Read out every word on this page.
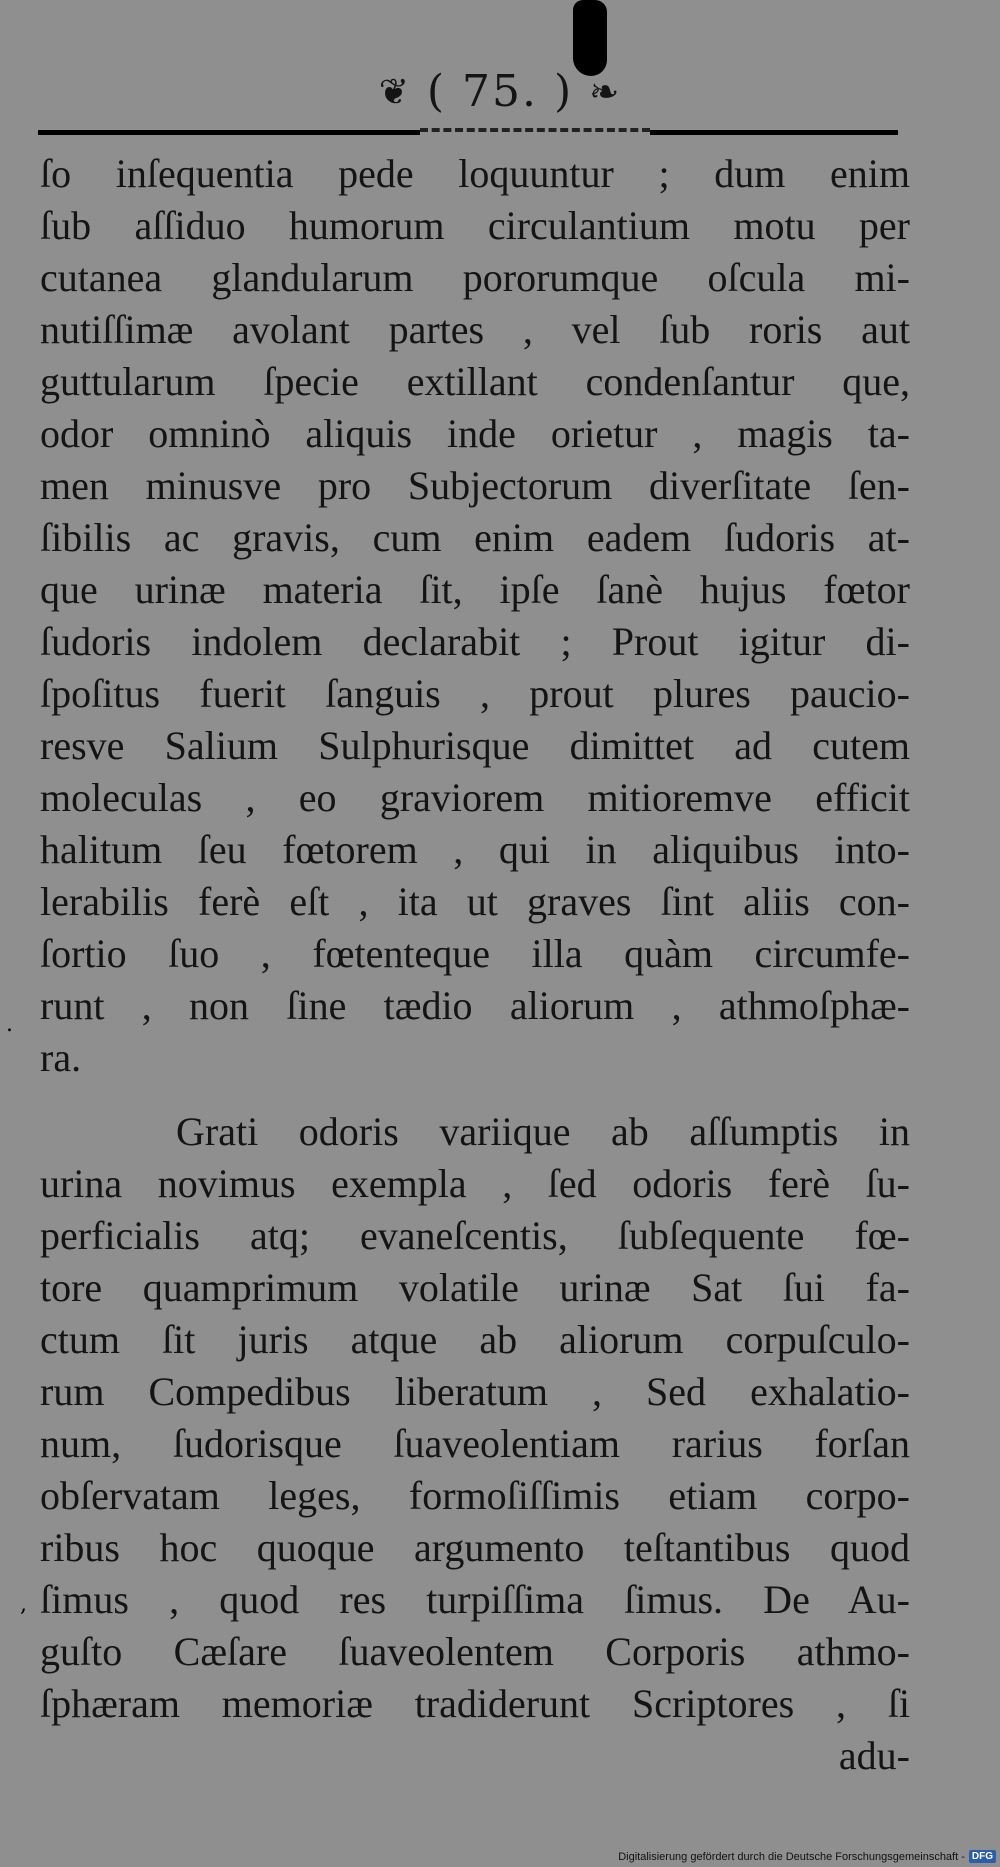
❦ ( 75. ) ❧
ſo inſequentia pede loquuntur ; dum enim
ſub aſſiduo humorum circulantium motu per
cutanea glandularum pororumque oſcula mi-
nutiſſimæ avolant partes , vel ſub roris aut
guttularum ſpecie extillant condenſantur que,
odor omninò aliquis inde orietur , magis ta-
men minusve pro Subjectorum diverſitate ſen-
ſibilis ac gravis, cum enim eadem ſudoris at-
que urinæ materia ſit, ipſe ſanè hujus fœtor
ſudoris indolem declarabit ; Prout igitur di-
ſpoſitus fuerit ſanguis , prout plures paucio-
resve Salium Sulphurisque dimittet ad cutem
moleculas , eo graviorem mitioremve efficit
halitum ſeu fœtorem , qui in aliquibus into-
lerabilis ferè eſt , ita ut graves ſint aliis con-
ſortio ſuo , fœtenteque illa quàm circumfe-
runt , non ſine tædio aliorum , athmoſphæ-
ra.
Grati odoris variique ab aſſumptis in
urina novimus exempla , ſed odoris ferè ſu-
perficialis atq; evaneſcentis, ſubſequente fœ-
tore quamprimum volatile urinæ Sat ſui fa-
ctum ſit juris atque ab aliorum corpuſculo-
rum Compedibus liberatum , Sed exhalatio-
num, ſudorisque ſuaveolentiam rarius forſan
obſervatam leges, formoſiſſimis etiam corpo-
ribus hoc quoque argumento teſtantibus quod
ſimus , quod res turpiſſima ſimus. De Au-
guſto Cæſare ſuaveolentem Corporis athmo-
ſphæram memoriæ tradiderunt Scriptores , ſi
adu-
.
,
Digitalisierung gefördert durch die Deutsche Forschungsgemeinschaft - DFG
